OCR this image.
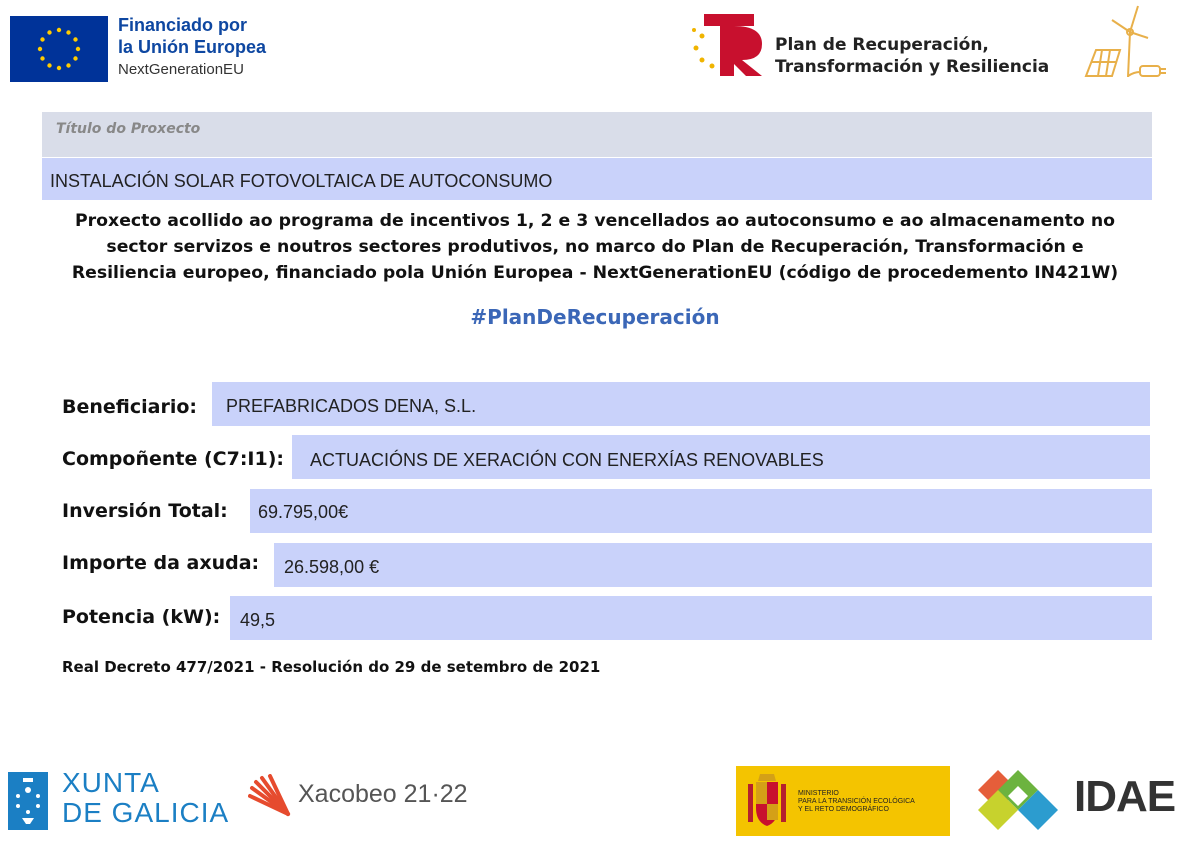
Financiado por
la Unión Europea
NextGenerationEU
Plan de Recuperación,
Transformación y Resiliencia
Título do Proxecto
INSTALACIÓN SOLAR FOTOVOLTAICA DE AUTOCONSUMO
Proxecto acollido ao programa de incentivos 1, 2 e 3 vencellados ao autoconsumo e ao almacenamento no
sector servizos e noutros sectores produtivos, no marco do Plan de Recuperación, Transformación e
Resiliencia europeo, financiado pola Unión Europea - NextGenerationEU (código de procedemento IN421W)
#PlanDeRecuperación
Beneficiario: PREFABRICADOS DENA, S.L.
Compoñente (C7:I1): ACTUACIÓNS DE XERACIÓN CON ENERXÍAS RENOVABLES
Inversión Total: 69.795,00€
Importe da axuda: 26.598,00 €
Potencia (kW): 49,5
Real Decreto 477/2021 - Resolución do 29 de setembro de 2021
XUNTA
DE GALICIA
Xacobeo 21·22	MINISTERIO
PARA LA TRANSICIÓN ECOLÓGICA
Y EL RETO DEMOGRÁFICO	IDAE
